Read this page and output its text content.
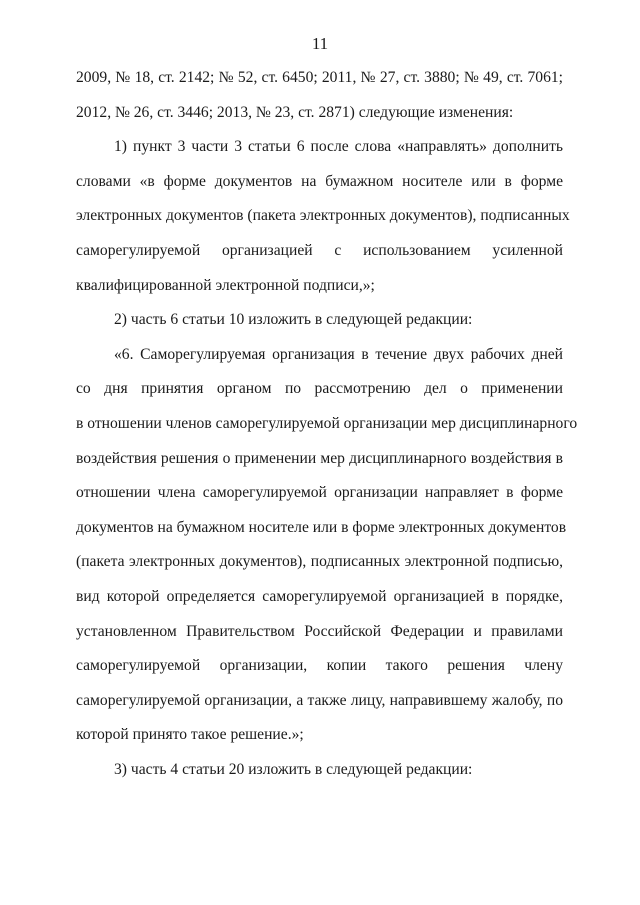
11
2009, № 18, ст. 2142; № 52, ст. 6450; 2011, № 27, ст. 3880; № 49, ст. 7061;
2012, № 26, ст. 3446; 2013, № 23, ст. 2871) следующие изменения:
1) пункт 3 части 3 статьи 6 после слова «направлять» дополнить
словами «в форме документов на бумажном носителе или в форме
электронных документов (пакета электронных документов), подписанных
саморегулируемой организацией с использованием усиленной
квалифицированной электронной подписи,»;
2) часть 6 статьи 10 изложить в следующей редакции:
«6. Саморегулируемая организация в течение двух рабочих дней
со дня принятия органом по рассмотрению дел о применении
в отношении членов саморегулируемой организации мер дисциплинарного
воздействия решения о применении мер дисциплинарного воздействия в
отношении члена саморегулируемой организации направляет в форме
документов на бумажном носителе или в форме электронных документов
(пакета электронных документов), подписанных электронной подписью,
вид которой определяется саморегулируемой организацией в порядке,
установленном Правительством Российской Федерации и правилами
саморегулируемой организации, копии такого решения члену
саморегулируемой организации, а также лицу, направившему жалобу, по
которой принято такое решение.»;
3) часть 4 статьи 20 изложить в следующей редакции:
